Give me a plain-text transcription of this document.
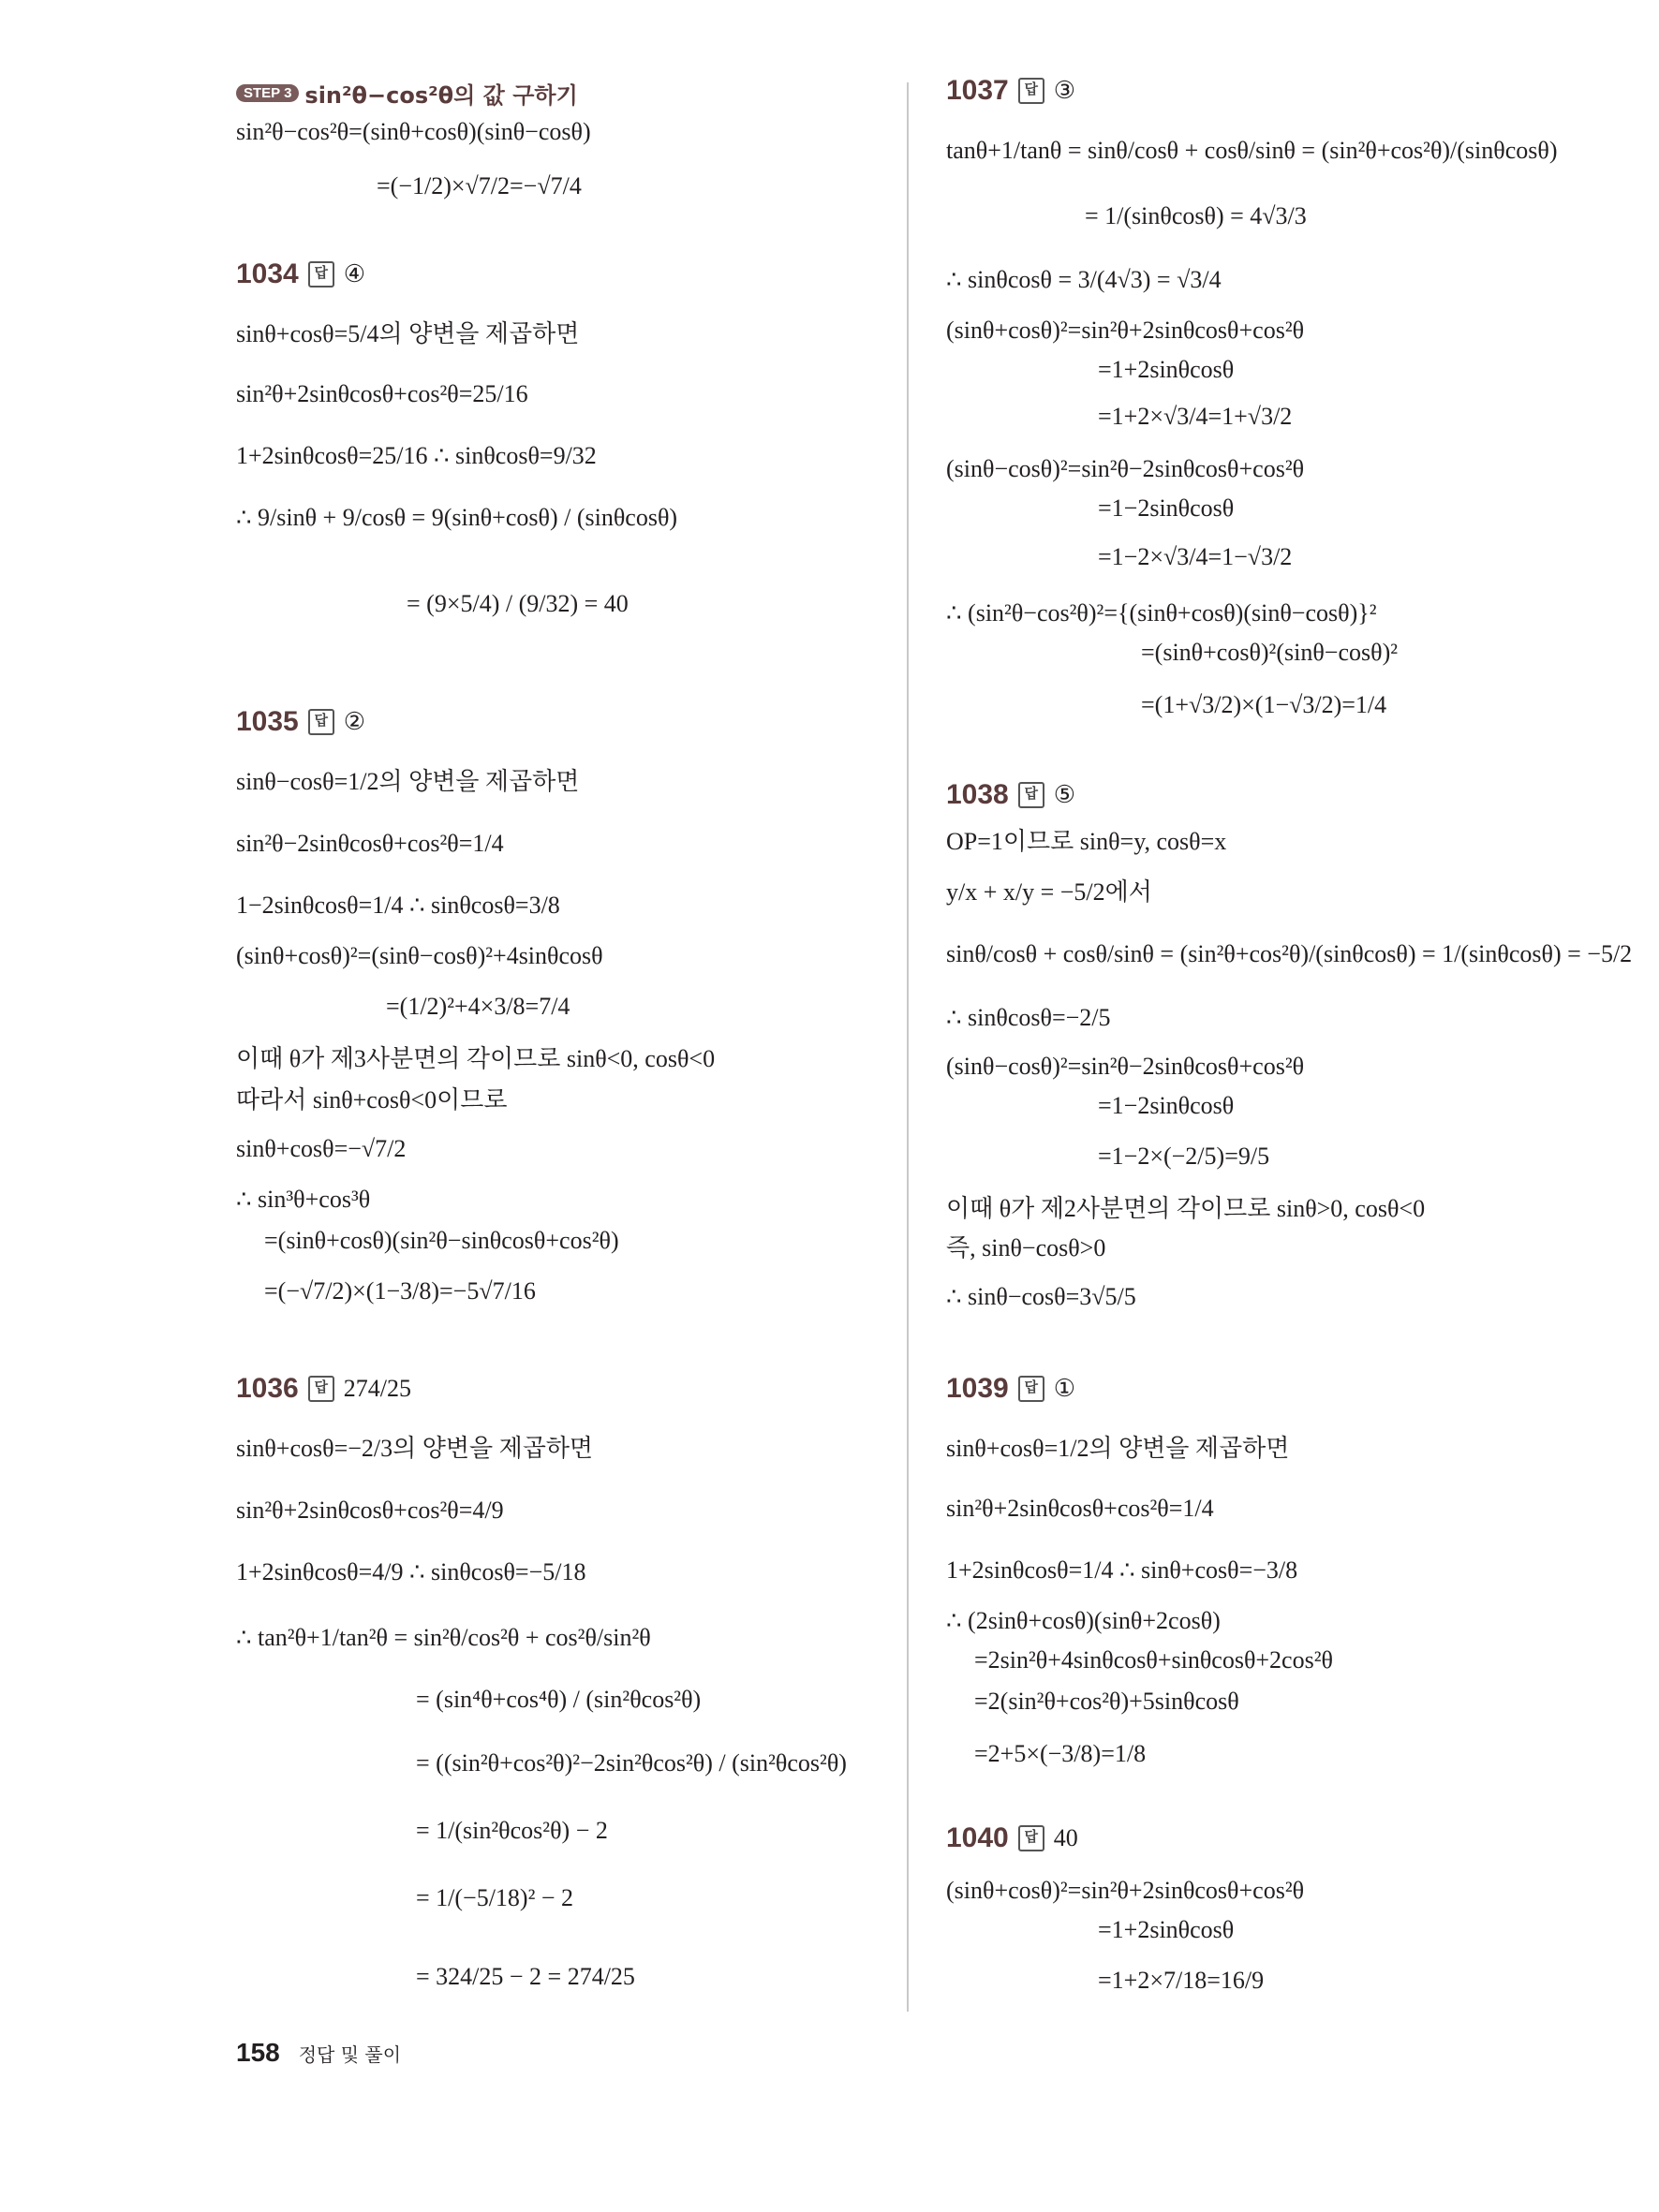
STEP 3 sin²θ−cos²θ의 값 구하기
sin²θ−cos²θ=(sinθ+cosθ)(sinθ−cosθ)
=(−1/2)×√7/2=−√7/4
1034	답 ④
sinθ+cosθ=5/4의 양변을 제곱하면
sin²θ+2sinθcosθ+cos²θ=25/16
1+2sinθcosθ=25/16 ∴ sinθcosθ=9/32
∴ 9/sinθ + 9/cosθ = 9(sinθ+cosθ) / (sinθcosθ)
= (9×5/4) / (9/32) = 40
1035	답 ②
sinθ−cosθ=1/2의 양변을 제곱하면
sin²θ−2sinθcosθ+cos²θ=1/4
1−2sinθcosθ=1/4 ∴ sinθcosθ=3/8
(sinθ+cosθ)²=(sinθ−cosθ)²+4sinθcosθ
=(1/2)²+4×3/8=7/4
이때 θ가 제3사분면의 각이므로 sinθ<0, cosθ<0
따라서 sinθ+cosθ<0이므로
sinθ+cosθ=−√7/2
∴ sin³θ+cos³θ
=(sinθ+cosθ)(sin²θ−sinθcosθ+cos²θ)
=(−√7/2)×(1−3/8)=−5√7/16
1036	답 274/25
sinθ+cosθ=−2/3의 양변을 제곱하면
sin²θ+2sinθcosθ+cos²θ=4/9
1+2sinθcosθ=4/9 ∴ sinθcosθ=−5/18
∴ tan²θ+1/tan²θ = sin²θ/cos²θ + cos²θ/sin²θ
= (sin⁴θ+cos⁴θ) / (sin²θcos²θ)
= ((sin²θ+cos²θ)²−2sin²θcos²θ) / (sin²θcos²θ)
= 1/(sin²θcos²θ) − 2
= 1/(−5/18)² − 2
= 324/25 − 2 = 274/25
1037	답 ③
tanθ+1/tanθ = sinθ/cosθ + cosθ/sinθ = (sin²θ+cos²θ)/(sinθcosθ)
= 1/(sinθcosθ) = 4√3/3
∴ sinθcosθ = 3/(4√3) = √3/4
(sinθ+cosθ)²=sin²θ+2sinθcosθ+cos²θ
=1+2sinθcosθ
=1+2×√3/4=1+√3/2
(sinθ−cosθ)²=sin²θ−2sinθcosθ+cos²θ
=1−2sinθcosθ
=1−2×√3/4=1−√3/2
∴ (sin²θ−cos²θ)²={(sinθ+cosθ)(sinθ−cosθ)}²
=(sinθ+cosθ)²(sinθ−cosθ)²
=(1+√3/2)×(1−√3/2)=1/4
1038	답 ⑤
OP=1이므로 sinθ=y, cosθ=x
y/x + x/y = −5/2에서
sinθ/cosθ + cosθ/sinθ = (sin²θ+cos²θ)/(sinθcosθ) = 1/(sinθcosθ) = −5/2
∴ sinθcosθ=−2/5
(sinθ−cosθ)²=sin²θ−2sinθcosθ+cos²θ
=1−2sinθcosθ
=1−2×(−2/5)=9/5
이때 θ가 제2사분면의 각이므로 sinθ>0, cosθ<0
즉, sinθ−cosθ>0
∴ sinθ−cosθ=3√5/5
1039	답 ①
sinθ+cosθ=1/2의 양변을 제곱하면
sin²θ+2sinθcosθ+cos²θ=1/4
1+2sinθcosθ=1/4 ∴ sinθ+cosθ=−3/8
∴ (2sinθ+cosθ)(sinθ+2cosθ)
=2sin²θ+4sinθcosθ+sinθcosθ+2cos²θ
=2(sin²θ+cos²θ)+5sinθcosθ
=2+5×(−3/8)=1/8
1040	답 40
(sinθ+cosθ)²=sin²θ+2sinθcosθ+cos²θ
=1+2sinθcosθ
=1+2×7/18=16/9
158 정답 및 풀이
